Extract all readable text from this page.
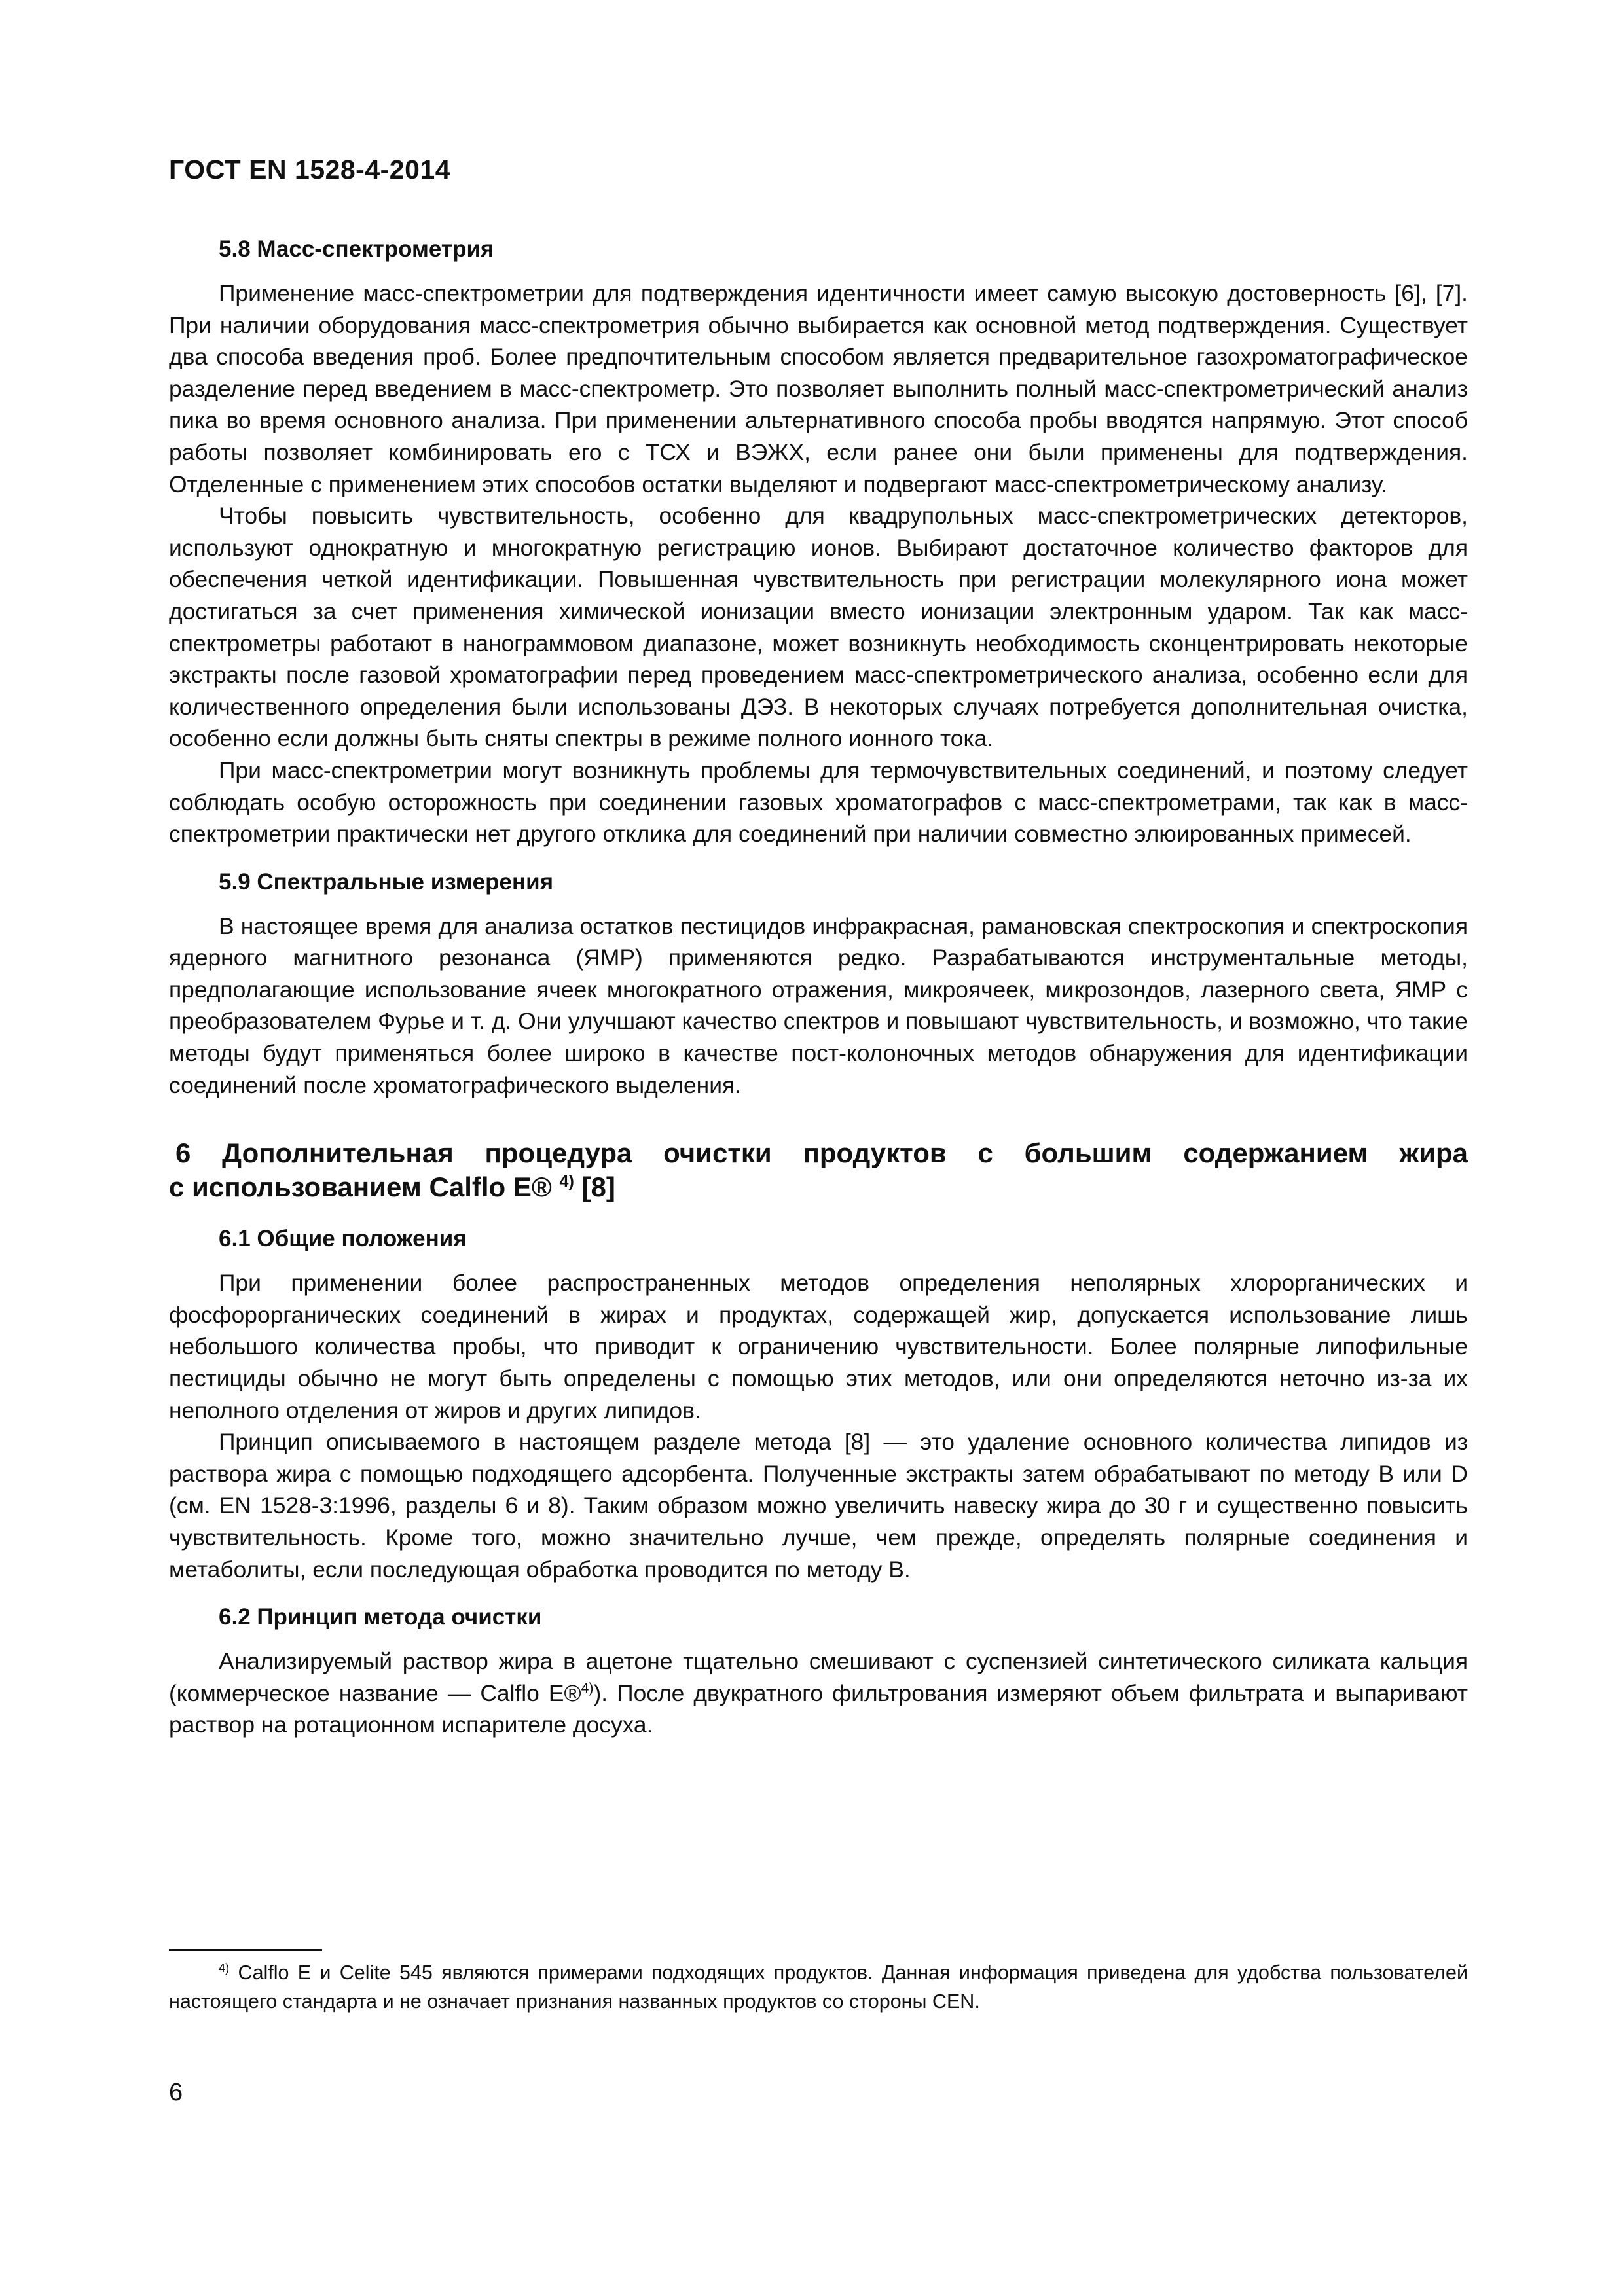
ГОСТ EN 1528-4-2014
5.8 Масс-спектрометрия

Применение масс-спектрометрии для подтверждения идентичности имеет самую высокую достоверность [6], [7]. При наличии оборудования масс-спектрометрия обычно выбирается как основной метод подтверждения. Существует два способа введения проб. Более предпочтительным способом является предварительное газохроматографическое разделение перед введением в масс-спектрометр. Это позволяет выполнить полный масс-спектрометрический анализ пика во время основного анализа. При применении альтернативного способа пробы вводятся напрямую. Этот способ работы позволяет комбинировать его с ТСХ и ВЭЖХ, если ранее они были применены для подтверждения. Отделенные с применением этих способов остатки выделяют и подвергают масс-спектрометрическому анализу.

Чтобы повысить чувствительность, особенно для квадрупольных масс-спектрометрических детекторов, используют однократную и многократную регистрацию ионов. Выбирают достаточное количество факторов для обеспечения четкой идентификации. Повышенная чувствительность при регистрации молекулярного иона может достигаться за счет применения химической ионизации вместо ионизации электронным ударом. Так как масс-спектрометры работают в нанограммовом диапазоне, может возникнуть необходимость сконцентрировать некоторые экстракты после газовой хроматографии перед проведением масс-спектрометрического анализа, особенно если для количественного определения были использованы ДЭЗ. В некоторых случаях потребуется дополнительная очистка, особенно если должны быть сняты спектры в режиме полного ионного тока.

При масс-спектрометрии могут возникнуть проблемы для термочувствительных соединений, и поэтому следует соблюдать особую осторожность при соединении газовых хроматографов с масс-спектрометрами, так как в масс-спектрометрии практически нет другого отклика для соединений при наличии совместно элюированных примесей.

5.9 Спектральные измерения

В настоящее время для анализа остатков пестицидов инфракрасная, рамановская спектроскопия и спектроскопия ядерного магнитного резонанса (ЯМР) применяются редко. Разрабатываются инструментальные методы, предполагающие использование ячеек многократного отражения, микроячеек, микрозондов, лазерного света, ЯМР с преобразователем Фурье и т. д. Они улучшают качество спектров и повышают чувствительность, и возможно, что такие методы будут применяться более широко в качестве пост-колоночных методов обнаружения для идентификации соединений после хроматографического выделения.

6 Дополнительная процедура очистки продуктов с большим содержанием жира
с использованием Calflo E® $^{4)}$ [8]
6.1 Общие положения

При применении более распространенных методов определения неполярных хлорорганических и фосфорорганических соединений в жирах и продуктах, содержащей жир, допускается использование лишь небольшого количества пробы, что приводит к ограничению чувствительности. Более полярные липофильные пестициды обычно не могут быть определены с помощью этих методов, или они определяются неточно из-за их неполного отделения от жиров и других липидов.

Принцип описываемого в настоящем разделе метода [8] — это удаление основного количества липидов из раствора жира с помощью подходящего адсорбента. Полученные экстракты затем обрабатывают по методу B или D (см. EN 1528-3:1996, разделы 6 и 8). Таким образом можно увеличить навеску жира до 30 г и существенно повысить чувствительность. Кроме того, можно значительно лучше, чем прежде, определять полярные соединения и метаболиты, если последующая обработка проводится по методу B.

6.2 Принцип метода очистки

Анализируемый раствор жира в ацетоне тщательно смешивают с суспензией синтетического силиката кальция (коммерческое название — Calflo E®$^{4)}$). После двукратного фильтрования измеряют объем фильтрата и выпаривают раствор на ротационном испарителе досуха.

$^{4)}$ Calflo E и Celite 545 являются примерами подходящих продуктов. Данная информация приведена для удобства пользователей настоящего стандарта и не означает признания названных продуктов со стороны CEN.
6
